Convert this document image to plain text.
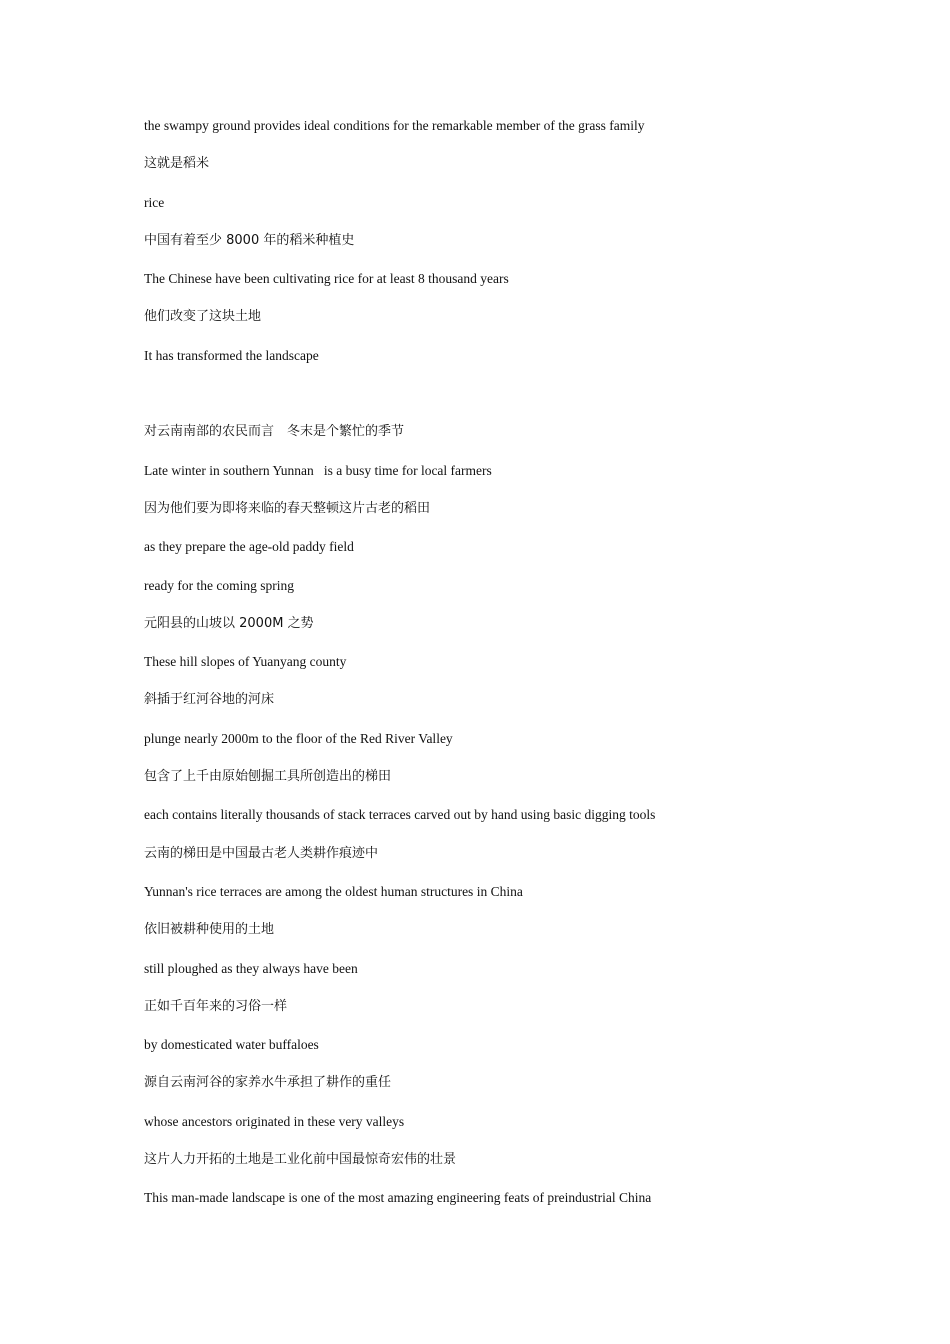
the swampy ground provides ideal conditions for the remarkable member of the grass family
这就是稻米
rice
中国有着至少 8000 年的稻米种植史
The Chinese have been cultivating rice for at least 8 thousand years
他们改变了这块土地
It has transformed the landscape
对云南南部的农民而言　冬末是个繁忙的季节
Late winter in southern Yunnan   is a busy time for local farmers
因为他们要为即将来临的春天整顿这片古老的稻田
as they prepare the age-old paddy field
ready for the coming spring
元阳县的山坡以 2000M 之势
These hill slopes of Yuanyang county
斜插于红河谷地的河床
plunge nearly 2000m to the floor of the Red River Valley
包含了上千由原始刨掘工具所创造出的梯田
each contains literally thousands of stack terraces carved out by hand using basic digging tools
云南的梯田是中国最古老人类耕作痕迹中
Yunnan's rice terraces are among the oldest human structures in China
依旧被耕种使用的土地
still ploughed as they always have been
正如千百年来的习俗一样
by domesticated water buffaloes
源自云南河谷的家养水牛承担了耕作的重任
whose ancestors originated in these very valleys
这片人力开拓的土地是工业化前中国最惊奇宏伟的壮景
This man-made landscape is one of the most amazing engineering feats of preindustrial China
